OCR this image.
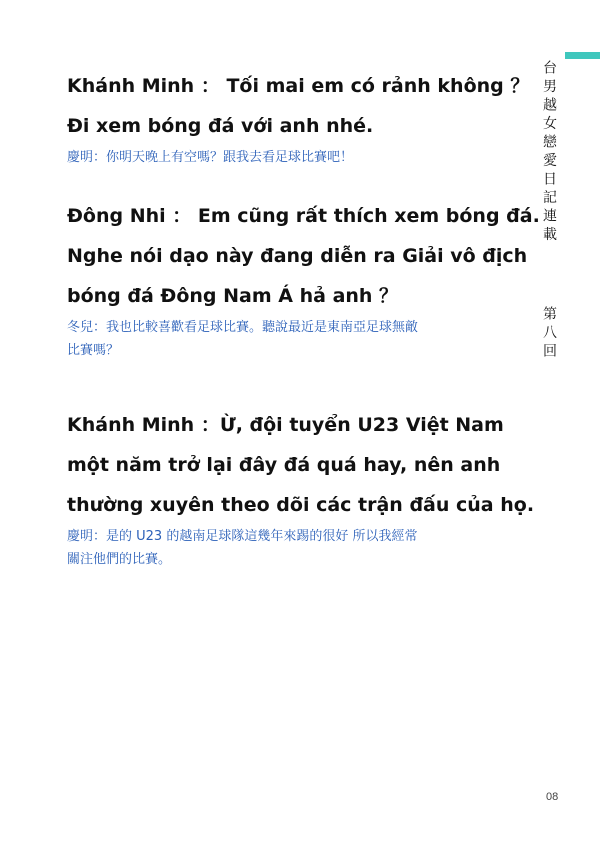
台男越女戀愛日記連載
第八回

Khánh Minh ： Tối mai em có rảnh không ？

Đi xem bóng đá với anh nhé.

慶明：你明天晚上有空嗎？跟我去看足球比賽吧！

Đông Nhi ： Em cũng rất thích xem bóng đá.

Nghe nói dạo này đang diễn ra Giải vô địch

bóng đá Đông Nam Á hả anh ？

冬兒：我也比較喜歡看足球比賽。聽說最近是東南亞足球無敵

比賽嗎？

Khánh Minh ：Ừ, đội tuyển U23 Việt Nam

một năm trở lại đây đá quá hay, nên anh

thường xuyên theo dõi các trận đấu của họ.

慶明：是的 U23 的越南足球隊這幾年來踢的很好 所以我經常

關注他們的比賽。

08
